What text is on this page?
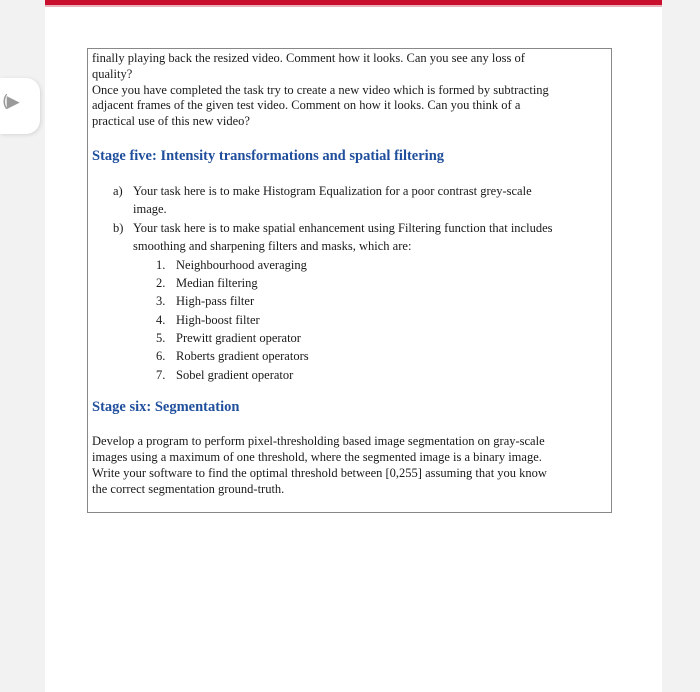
(▶
finally playing back the resized video. Comment how it looks. Can you see any loss of
quality?
Once you have completed the task try to create a new video which is formed by subtracting
adjacent frames of the given test video. Comment on how it looks. Can you think of a
practical use of this new video?
Stage five: Intensity transformations and spatial filtering
a) Your task here is to make Histogram Equalization for a poor contrast grey-scale
image.
b) Your task here is to make spatial enhancement using Filtering function that includes
smoothing and sharpening filters and masks, which are:
1. Neighbourhood averaging
2. Median filtering
3. High-pass filter
4. High-boost filter
5. Prewitt gradient operator
6. Roberts gradient operators
7. Sobel gradient operator
Stage six: Segmentation
Develop a program to perform pixel-thresholding based image segmentation on gray-scale
images using a maximum of one threshold, where the segmented image is a binary image.
Write your software to find the optimal threshold between [0,255] assuming that you know
the correct segmentation ground-truth.
